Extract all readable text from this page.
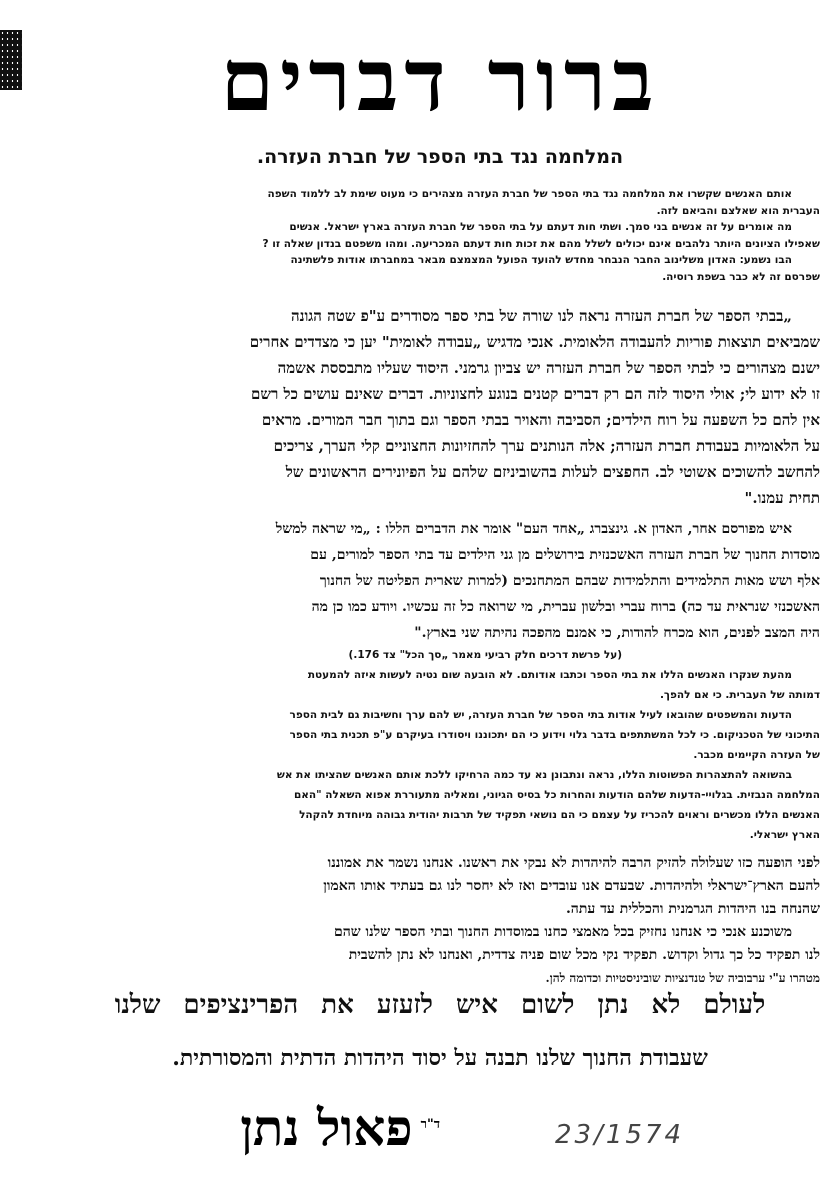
ברור דברים
המלחמה נגד בתי הספר של חברת העזרה.
אותם האנשים שקשרו את המלחמה נגד בתי הספר של חברת העזרה מצהירים כי מעוט שימת לב ללמוד השפה
העברית הוא שאלצם והביאם לזה.
מה אומרים על זה אנשים בני סמך. ושתי חות דעתם על בתי הספר של חברת העזרה בארץ ישראל. אנשים
שאפילו הציונים היותר נלהבים אינם יכולים לשלל מהם את זכות חות דעתם המכריעה. ומהו משפטם בנדון שאלה זו ?
הבו נשמע: האדון משלינוב החבר הנבחר מחדש להועד הפועל המצמצם מבאר במחברתו אודות פלשתינה
שפרסם זה לא כבר בשפת רוסיה.
„בבתי הספר של חברת העזרה נראה לנו שורה של בתי ספר מסודרים ע"פ שטה הגונה
שמביאים תוצאות פוריות להעבודה הלאומית. אנכי מדגיש „עבודה לאומית" יען כי מצדדים אחרים
ישנם מצהורים כי לבתי הספר של חברת העזרה יש צביון גרמני. היסוד שעליו מתבססת אשמה
זו לא ידוע לי; אולי היסוד לזה הם רק דברים קטנים בנוגע לחצוניות. דברים שאינם עושים כל רשם
אין להם כל השפעה על רוח הילדים; הסביבה והאויר בבתי הספר וגם בתוך חבר המורים. מראים
על הלאומיות בעבודת חברת העזרה; אלה הנותנים ערך להחזיונות החצוניים קלי הערך, צריכים
להחשב להשוכים אשוטי לב. החפצים לעלות בהשוביניזם שלהם על הפיונירים הראשונים של
תחית עמנו."
איש מפורסם אחר, האדון א. גינצברג „אחד העם" אומר את הדברים הללו : „מי שראה למשל
מוסדות החנוך של חברת העזרה האשכנזית בירושלים מן גני הילדים עד בתי הספר למורים, עם
אלף ושש מאות התלמידים והתלמידות שבהם המתחנכים (למרות שארית הפליטה של החנוך
האשכנזי שנראית עד כה) ברוח עברי ובלשון עברית, מי שרואה כל זה עכשיו. ויודע כמו כן מה
היה המצב לפנים, הוא מכרח להודות, כי אמנם מהפכה נהיתה שני בארץ."
(על פרשת דרכים חלק רביעי מאמר „סך הכל" צד 176.)
מהעת שנקרו האנשים הללו את בתי הספר וכתבו אודותם. לא הובעה שום נטיה לעשות איזה להמעטת
דמותה של העברית. כי אם להפך.
הדעות והמשפטים שהובאו לעיל אודות בתי הספר של חברת העזרה, יש להם ערך וחשיבות גם לבית הספר
התיכוני של הטכניקום. כי לכל המשתתפים בדבר גלוי וידוע כי הם יתכוננו ויסודרו בעיקרם ע"פ תכנית בתי הספר
של העזרה הקיימים מכבר.
בהשואה להתצהרות הפשוטות הללו, נראה ונתבונן נא עד כמה הרחיקו ללכת אותם האנשים שהציתו את אש
המלחמה הנבזית. בגלויי-הדעות שלהם הודעות והחרות כל בסיס הגיוני, ומאליה מתעוררת אפוא השאלה "האם
האנשים הללו מכשרים וראוים להכריז על עצמם כי הם נושאי תפקיד של תרבות יהודית גבוהה מיוחדת להקהל
הארץ ישראלי.
לפני הופעה כזו שעלולה להזיק הרבה להיהדות לא נבקי את ראשנו. אנחנו נשמר את אמוננו
להעם הארץ־ישראלי ולהיהדות. שבעדם אנו עובדים ואז לא יחסר לנו גם בעתיד אותו האמון
שהנחה בנו היהדות הגרמנית והכללית עד עתה.
משוכנע אנכי כי אנחנו נחזיק בכל מאמצי כחנו במוסדות החנוך ובתי הספר שלנו שהם
לנו תפקיד כל כך גדול וקדוש. תפקיד נקי מכל שום פניה צדדית, ואנחנו לא נתן להשבית
מטהרו ע"י ערבוביה של טנדנציות שוביניסטיות וכדומה להן.
לעולם לא נתן לשום איש לזעזע את הפרינציפים שלנו
שעבודת החנוך שלנו תבנה על יסוד היהדות הדתית והמסורתית.
$^{ד"ר}$פאול נתן	23/1574
